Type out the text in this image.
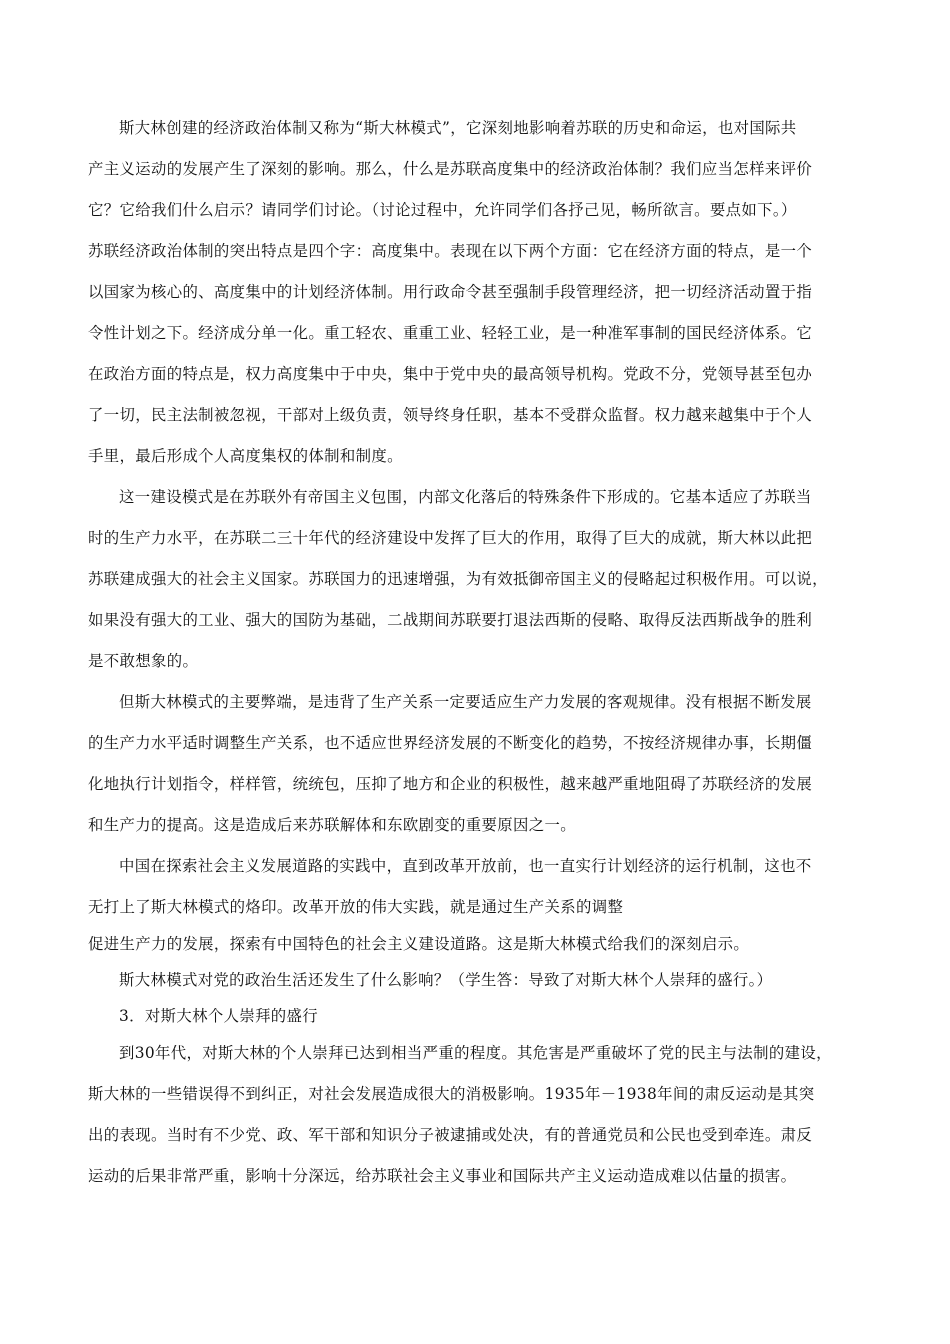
斯大林创建的经济政治体制又称为“斯大林模式”，它深刻地影响着苏联的历史和命运，也对国际共
产主义运动的发展产生了深刻的影响。那么，什么是苏联高度集中的经济政治体制？我们应当怎样来评价
它？它给我们什么启示？请同学们讨论。（讨论过程中，允许同学们各抒己见，畅所欲言。要点如下。）
苏联经济政治体制的突出特点是四个字：高度集中。表现在以下两个方面：它在经济方面的特点，是一个
以国家为核心的、高度集中的计划经济体制。用行政命令甚至强制手段管理经济，把一切经济活动置于指
令性计划之下。经济成分单一化。重工轻农、重重工业、轻轻工业，是一种准军事制的国民经济体系。它
在政治方面的特点是，权力高度集中于中央，集中于党中央的最高领导机构。党政不分，党领导甚至包办
了一切，民主法制被忽视，干部对上级负责，领导终身任职，基本不受群众监督。权力越来越集中于个人
手里，最后形成个人高度集权的体制和制度。
这一建设模式是在苏联外有帝国主义包围，内部文化落后的特殊条件下形成的。它基本适应了苏联当
时的生产力水平，在苏联二三十年代的经济建设中发挥了巨大的作用，取得了巨大的成就，斯大林以此把
苏联建成强大的社会主义国家。苏联国力的迅速增强，为有效抵御帝国主义的侵略起过积极作用。可以说，
如果没有强大的工业、强大的国防为基础，二战期间苏联要打退法西斯的侵略、取得反法西斯战争的胜利
是不敢想象的。
但斯大林模式的主要弊端，是违背了生产关系一定要适应生产力发展的客观规律。没有根据不断发展
的生产力水平适时调整生产关系，也不适应世界经济发展的不断变化的趋势，不按经济规律办事，长期僵
化地执行计划指令，样样管，统统包，压抑了地方和企业的积极性，越来越严重地阻碍了苏联经济的发展
和生产力的提高。这是造成后来苏联解体和东欧剧变的重要原因之一。
中国在探索社会主义发展道路的实践中，直到改革开放前，也一直实行计划经济的运行机制，这也不
无打上了斯大林模式的烙印。改革开放的伟大实践，就是通过生产关系的调整
促进生产力的发展，探索有中国特色的社会主义建设道路。这是斯大林模式给我们的深刻启示。
斯大林模式对党的政治生活还发生了什么影响？（学生答：导致了对斯大林个人崇拜的盛行。）
3．对斯大林个人崇拜的盛行
到30年代，对斯大林的个人崇拜已达到相当严重的程度。其危害是严重破坏了党的民主与法制的建设，
斯大林的一些错误得不到纠正，对社会发展造成很大的消极影响。1935年－1938年间的肃反运动是其突
出的表现。当时有不少党、政、军干部和知识分子被逮捕或处决，有的普通党员和公民也受到牵连。肃反
运动的后果非常严重，影响十分深远，给苏联社会主义事业和国际共产主义运动造成难以估量的损害。
